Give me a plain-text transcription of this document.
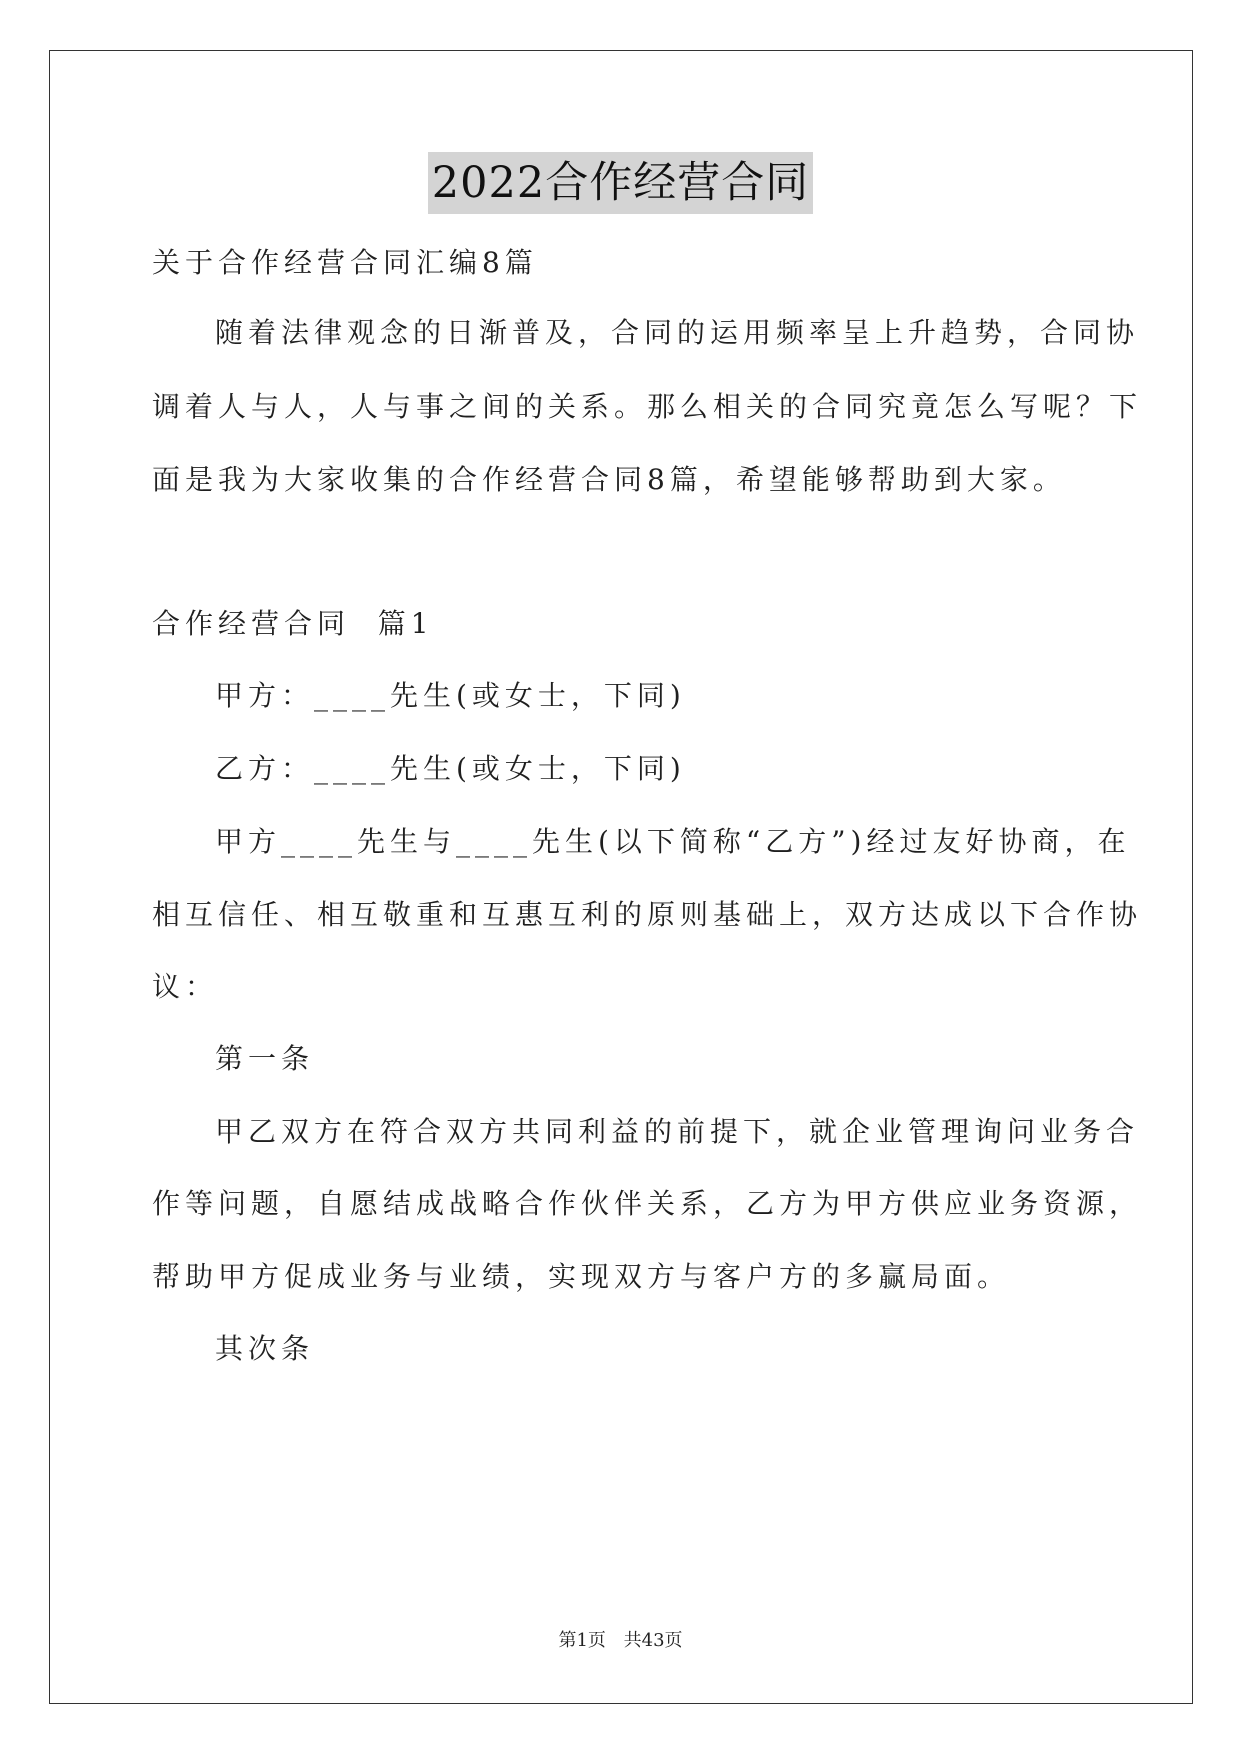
2022合作经营合同
关于合作经营合同汇编8篇
随着法律观念的日渐普及，合同的运用频率呈上升趋势，合同协
调着人与人，人与事之间的关系。那么相关的合同究竟怎么写呢？下
面是我为大家收集的合作经营合同8篇，希望能够帮助到大家。
合作经营合同  篇1
甲方：____先生(或女士，下同)
乙方：____先生(或女士，下同)
甲方____先生与____先生(以下简称“乙方”)经过友好协商，在
相互信任、相互敬重和互惠互利的原则基础上，双方达成以下合作协
议：
第一条
甲乙双方在符合双方共同利益的前提下，就企业管理询问业务合
作等问题，自愿结成战略合作伙伴关系，乙方为甲方供应业务资源，
帮助甲方促成业务与业绩，实现双方与客户方的多赢局面。
其次条
第1页 共43页
